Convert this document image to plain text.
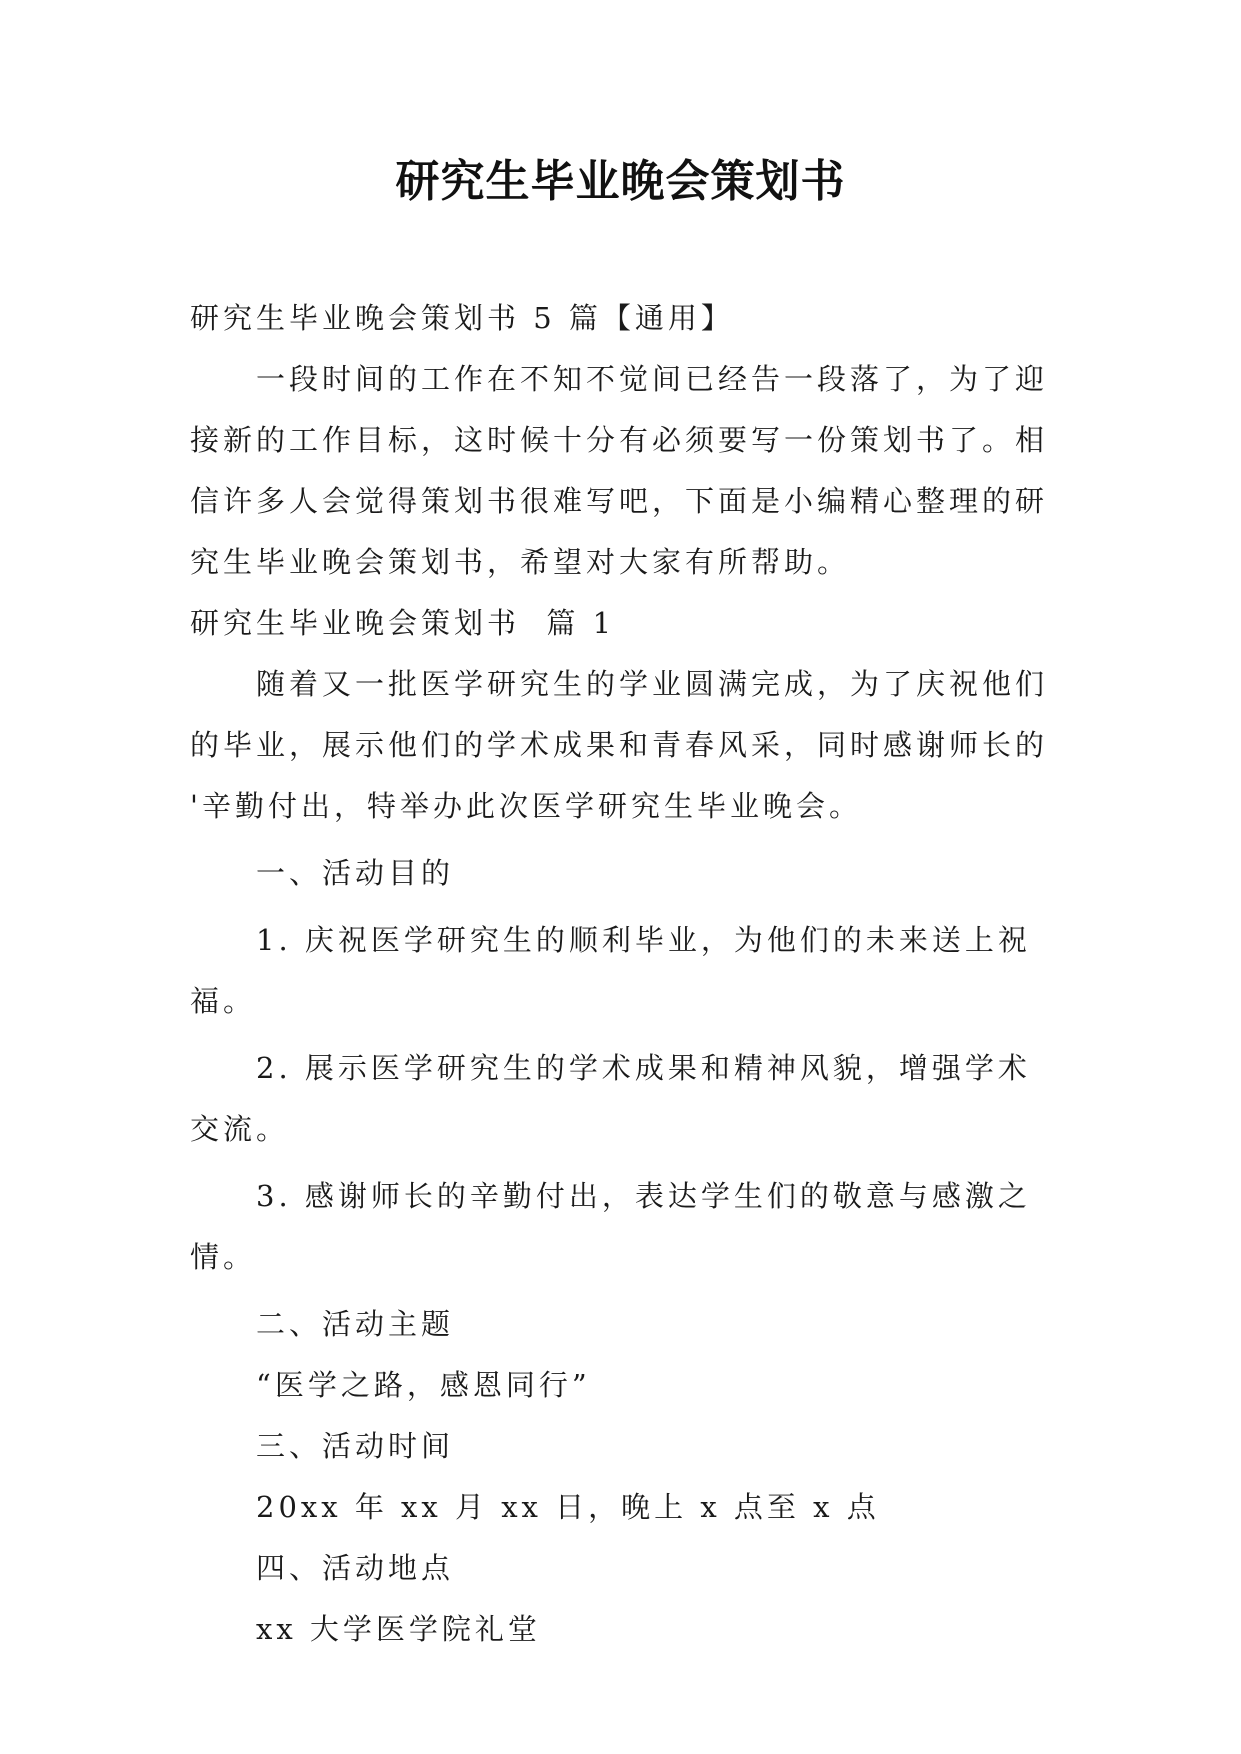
研究生毕业晚会策划书
研究生毕业晚会策划书 5 篇【通用】
一段时间的工作在不知不觉间已经告一段落了，为了迎
接新的工作目标，这时候十分有必须要写一份策划书了。相
信许多人会觉得策划书很难写吧，下面是小编精心整理的研
究生毕业晚会策划书，希望对大家有所帮助。
研究生毕业晚会策划书  篇 1
随着又一批医学研究生的学业圆满完成，为了庆祝他们
的毕业，展示他们的学术成果和青春风采，同时感谢师长的
'辛勤付出，特举办此次医学研究生毕业晚会。
一、活动目的
1. 庆祝医学研究生的顺利毕业，为他们的未来送上祝
福。
2. 展示医学研究生的学术成果和精神风貌，增强学术
交流。
3. 感谢师长的辛勤付出，表达学生们的敬意与感激之
情。
二、活动主题
“医学之路，感恩同行”
三、活动时间
20xx 年 xx 月 xx 日，晚上 x 点至 x 点
四、活动地点
xx 大学医学院礼堂
